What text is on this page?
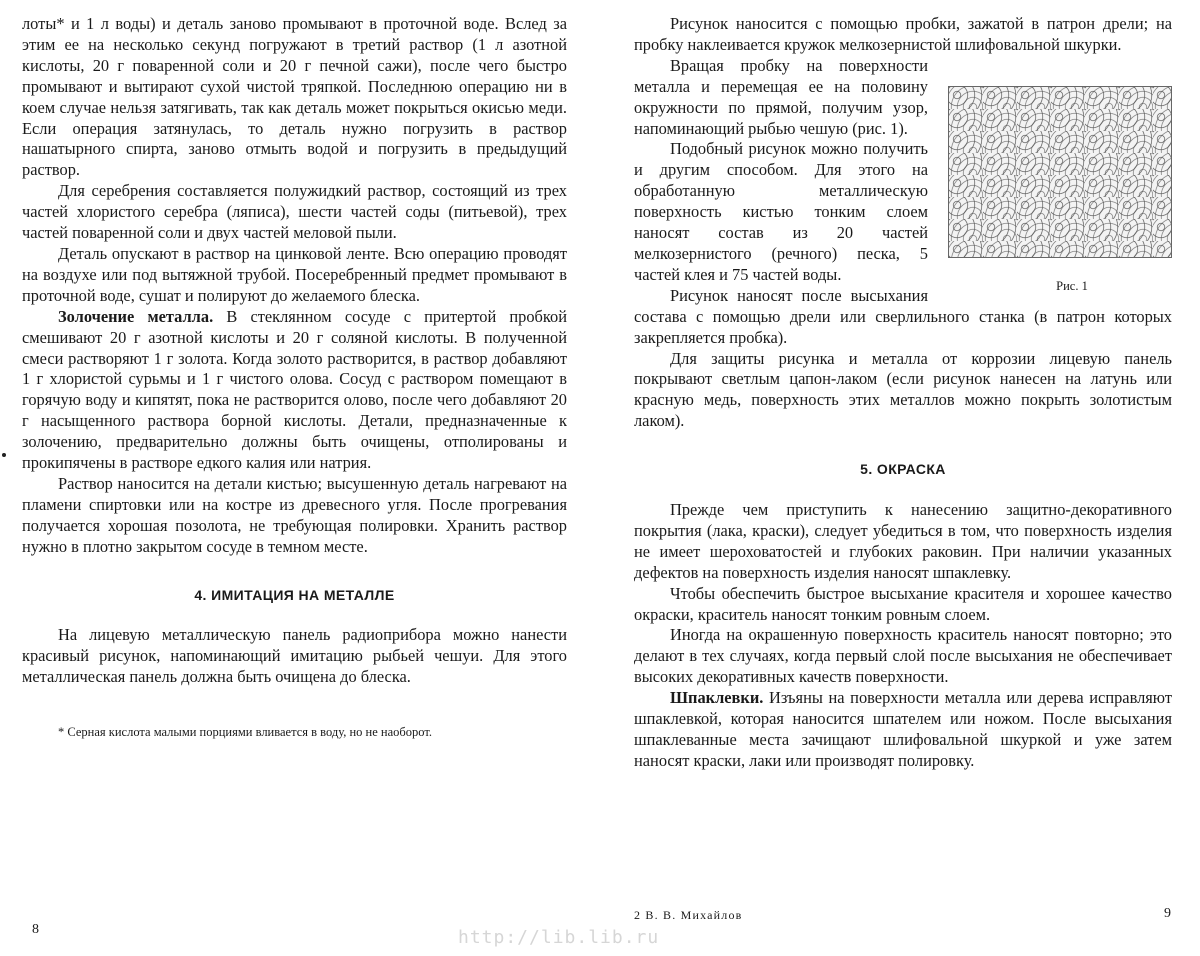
лоты* и 1 л воды) и деталь заново промывают в проточной воде. Вслед за этим ее на несколько секунд погружают в третий раствор (1 л азотной кислоты, 20 г поваренной соли и 20 г печной сажи), после чего быстро промывают и вытирают сухой чистой тряпкой. Последнюю операцию ни в коем случае нельзя затягивать, так как деталь может покрыться окисью меди. Если операция затянулась, то деталь нужно погрузить в раствор нашатырного спирта, заново отмыть водой и погрузить в предыдущий раствор.

Для серебрения составляется полужидкий раствор, состоящий из трех частей хлористого серебра (ляписа), шести частей соды (питьевой), трех частей поваренной соли и двух частей меловой пыли.

Деталь опускают в раствор на цинковой ленте. Всю операцию проводят на воздухе или под вытяжной трубой. Посеребренный предмет промывают в проточной воде, сушат и полируют до желаемого блеска.

Золочение металла. В стеклянном сосуде с притертой пробкой смешивают 20 г азотной кислоты и 20 г соляной кислоты. В полученной смеси растворяют 1 г золота. Когда золото растворится, в раствор добавляют 1 г хлористой сурьмы и 1 г чистого олова. Сосуд с раствором помещают в горячую воду и кипятят, пока не растворится олово, после чего добавляют 20 г насыщенного раствора борной кислоты. Детали, предназначенные к золочению, предварительно должны быть очищены, отполированы и прокипячены в растворе едкого калия или натрия.

Раствор наносится на детали кистью; высушенную деталь нагревают на пламени спиртовки или на костре из древесного угля. После прогревания получается хорошая позолота, не требующая полировки. Хранить раствор нужно в плотно закрытом сосуде в темном месте.

4. ИМИТАЦИЯ НА МЕТАЛЛЕ

На лицевую металлическую панель радиоприбора можно нанести красивый рисунок, напоминающий имитацию рыбьей чешуи. Для этого металлическая панель должна быть очищена до блеска.

* Серная кислота малыми порциями вливается в воду, но не наоборот.

8

Рисунок наносится с помощью пробки, зажатой в патрон дрели; на пробку наклеивается кружок мелкозернистой шлифовальной шкурки.

Рис. 1

Вращая пробку на поверхности металла и перемещая ее на половину окружности по прямой, получим узор, напоминающий рыбью чешую (рис. 1).

Подобный рисунок можно получить и другим способом. Для этого на обработанную металлическую поверхность кистью тонким слоем наносят состав из 20 частей мелкозернистого (речного) песка, 5 частей клея и 75 частей воды.

Рисунок наносят после высыхания состава с помощью дрели или сверлильного станка (в патрон которых закрепляется пробка).

Для защиты рисунка и металла от коррозии лицевую панель покрывают светлым цапон-лаком (если рисунок нанесен на латунь или красную медь, поверхность этих металлов можно покрыть золотистым лаком).

5. ОКРАСКА

Прежде чем приступить к нанесению защитно-декоративного покрытия (лака, краски), следует убедиться в том, что поверхность изделия не имеет шероховатостей и глубоких раковин. При наличии указанных дефектов на поверхность изделия наносят шпаклевку.

Чтобы обеспечить быстрое высыхание красителя и хорошее качество окраски, краситель наносят тонким ровным слоем.

Иногда на окрашенную поверхность краситель наносят повторно; это делают в тех случаях, когда первый слой после высыхания не обеспечивает высоких декоративных качеств поверхности.

Шпаклевки. Изъяны на поверхности металла или дерева исправляют шпаклевкой, которая наносится шпателем или ножом. После высыхания шпаклеванные места зачищают шлифовальной шкуркой и уже затем наносят краски, лаки или производят полировку.

2 В. В. Михайлов	9
http://lib.lib.ru
